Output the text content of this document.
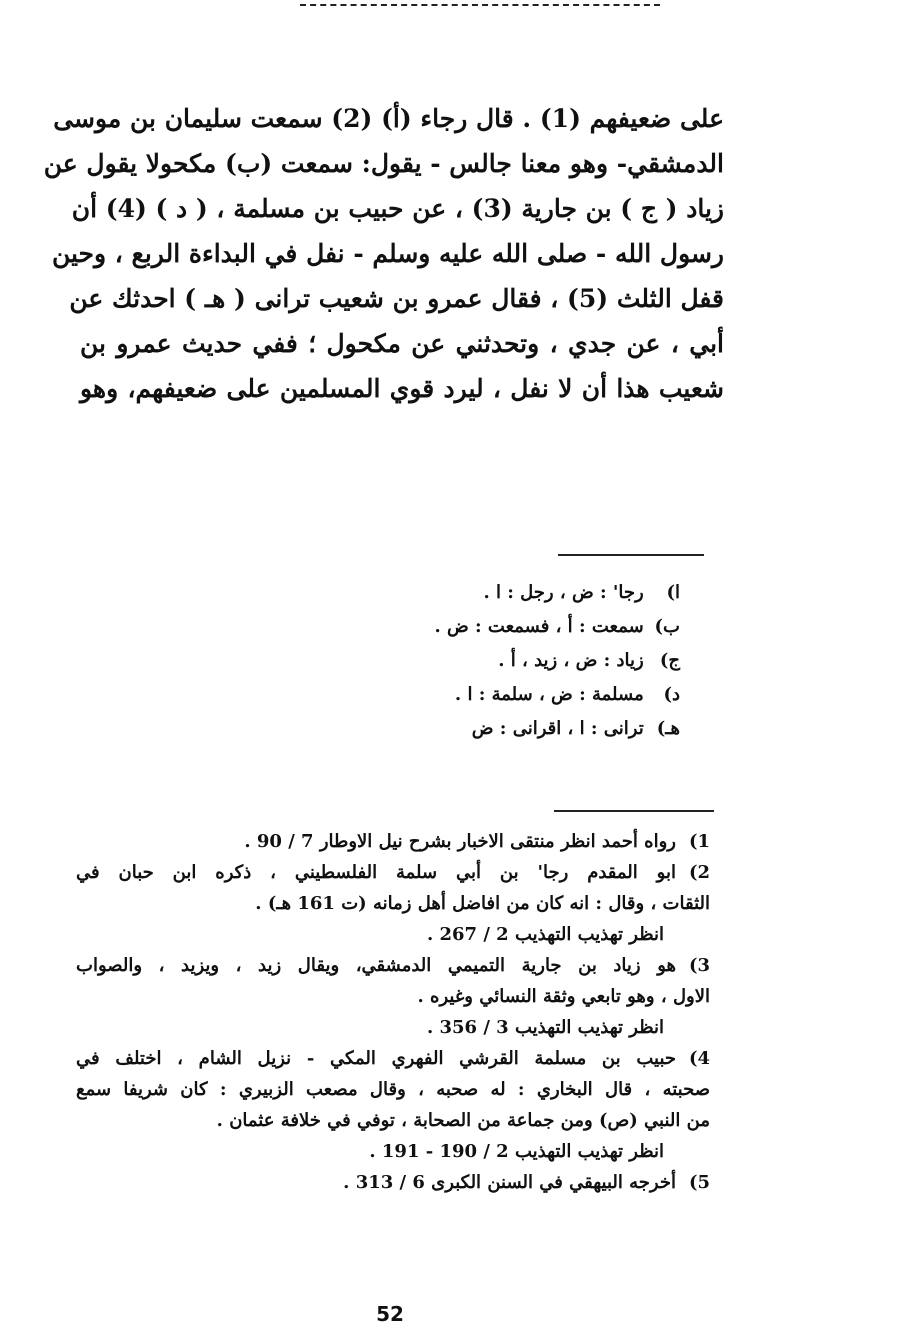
على ضعيفهم (1) . قال رجاء (أ) (2) سمعت سليمان بن موسى
الدمشقي- وهو معنا جالس - يقول: سمعت (ب) مكحولا يقول عن
زياد ( ج ) بن جارية (3) ، عن حبيب بن مسلمة ، ( د ) (4) أن
رسول الله - صلى الله عليه وسلم - نفل في البداءة الربع ، وحين
قفل الثلث (5) ، فقال عمرو بن شعيب ترانى ( هـ ) احدثك عن
أبي ، عن جدي ، وتحدثني عن مكحول ؛ ففي حديث عمرو بن
شعيب هذا أن لا نفل ، ليرد قوي المسلمين على ضعيفهم، وهو
ا) رجا' : ض ، رجل : ا .
ب) سمعت : أ ، فسمعت : ض .
ج) زياد : ض ، زيد ، أ .
د) مسلمة : ض ، سلمة : ا .
هـ) ترانى : ا ، اقرانى : ض
1)رواه أحمد انظر منتقى الاخبار بشرح نيل الاوطار 7 / 90 .
2)ابو المقدم رجا' بن أبي سلمة الفلسطيني ، ذكره ابن حبان في
الثقات ، وقال : انه كان من افاضل أهل زمانه (ت 161 هـ) .
انظر تهذيب التهذيب 2 / 267 .
3)هو زياد بن جارية التميمي الدمشقي، ويقال زيد ، ويزيد ، والصواب
الاول ، وهو تابعي وثقة النسائي وغيره .
انظر تهذيب التهذيب 3 / 356 .
4)حبيب بن مسلمة القرشي الفهري المكي - نزيل الشام ، اختلف في
صحبته ، قال البخاري : له صحبه ، وقال مصعب الزبيري : كان شريفا سمع
من النبي (ص) ومن جماعة من الصحابة ، توفي في خلافة عثمان .
انظر تهذيب التهذيب 2 / 190 - 191 .
5)أخرجه البيهقي في السنن الكبرى 6 / 313 .
52
